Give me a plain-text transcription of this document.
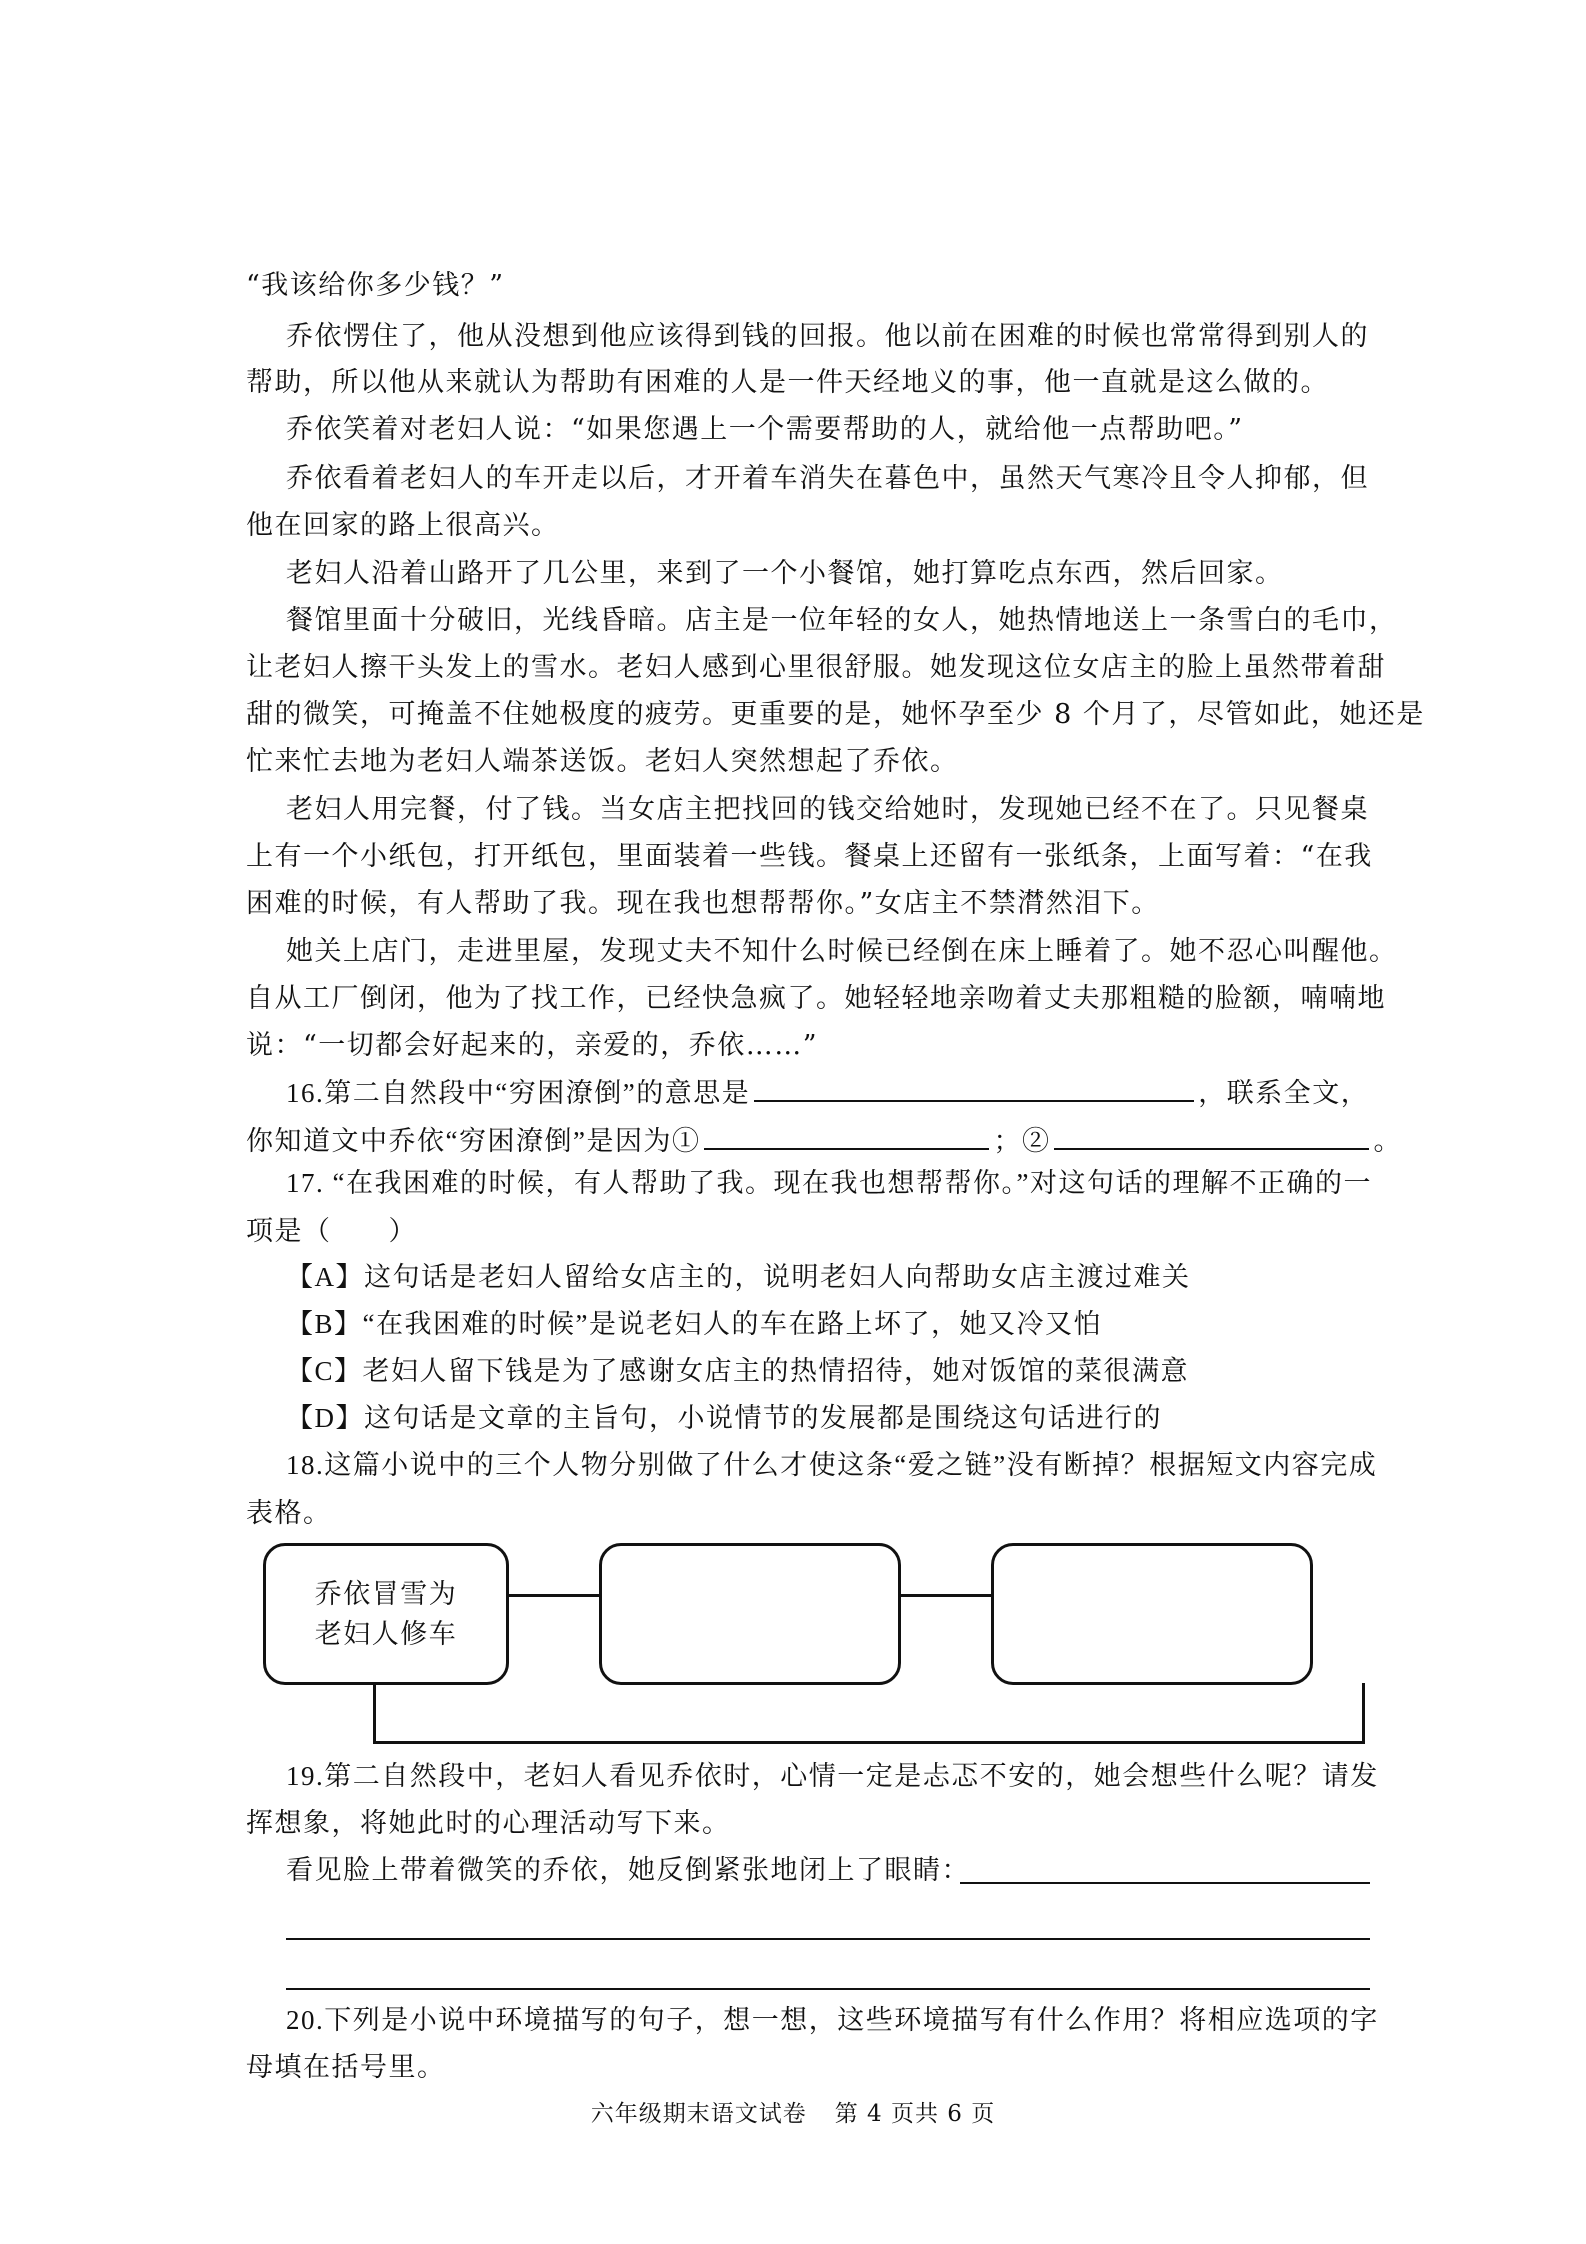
“我该给你多少钱？”
乔依愣住了，他从没想到他应该得到钱的回报。他以前在困难的时候也常常得到别人的
帮助，所以他从来就认为帮助有困难的人是一件天经地义的事，他一直就是这么做的。
乔依笑着对老妇人说：“如果您遇上一个需要帮助的人，就给他一点帮助吧。”
乔依看着老妇人的车开走以后，才开着车消失在暮色中，虽然天气寒冷且令人抑郁，但
他在回家的路上很高兴。
老妇人沿着山路开了几公里，来到了一个小餐馆，她打算吃点东西，然后回家。
餐馆里面十分破旧，光线昏暗。店主是一位年轻的女人，她热情地送上一条雪白的毛巾，
让老妇人擦干头发上的雪水。老妇人感到心里很舒服。她发现这位女店主的脸上虽然带着甜
甜的微笑，可掩盖不住她极度的疲劳。更重要的是，她怀孕至少 8 个月了，尽管如此，她还是
忙来忙去地为老妇人端茶送饭。老妇人突然想起了乔依。
老妇人用完餐，付了钱。当女店主把找回的钱交给她时，发现她已经不在了。只见餐桌
上有一个小纸包，打开纸包，里面装着一些钱。餐桌上还留有一张纸条，上面写着：“在我
困难的时候，有人帮助了我。现在我也想帮帮你。”女店主不禁潸然泪下。
她关上店门，走进里屋，发现丈夫不知什么时候已经倒在床上睡着了。她不忍心叫醒他。
自从工厂倒闭，他为了找工作，已经快急疯了。她轻轻地亲吻着丈夫那粗糙的脸额，喃喃地
说：“一切都会好起来的，亲爱的，乔依……”
16.第二自然段中“穷困潦倒”的意思是	，联系全文，
你知道文中乔依“穷困潦倒”是因为①	；②	。
17. “在我困难的时候，有人帮助了我。现在我也想帮帮你。”对这句话的理解不正确的一
项是（　　）
【A】这句话是老妇人留给女店主的，说明老妇人向帮助女店主渡过难关
【B】“在我困难的时候”是说老妇人的车在路上坏了，她又冷又怕
【C】老妇人留下钱是为了感谢女店主的热情招待，她对饭馆的菜很满意
【D】这句话是文章的主旨句，小说情节的发展都是围绕这句话进行的
18.这篇小说中的三个人物分别做了什么才使这条“爱之链”没有断掉？根据短文内容完成
表格。
乔依冒雪为
老妇人修车
19.第二自然段中，老妇人看见乔依时，心情一定是忐忑不安的，她会想些什么呢？请发
挥想象，将她此时的心理活动写下来。
看见脸上带着微笑的乔依，她反倒紧张地闭上了眼睛：
六年级期末语文试卷 第 4 页共 6 页
20.下列是小说中环境描写的句子，想一想，这些环境描写有什么作用？将相应选项的字
母填在括号里。
